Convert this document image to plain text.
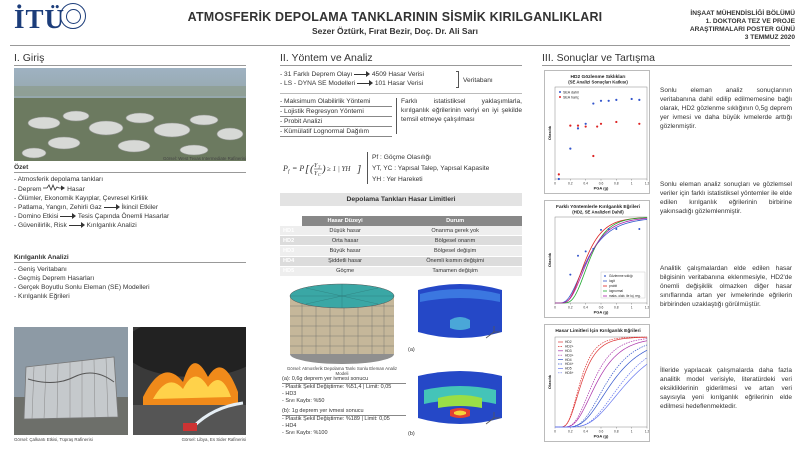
İTÜ	ATMOSFERİK DEPOLAMA TANKLARININ SİSMİK KIRILGANLIKLARI
Sezer Öztürk, Fırat Bezir, Doç. Dr. Ali Sarı
İNŞAAT MÜHENDİSLİĞİ BÖLÜMÜ
1. DOKTORA TEZ VE PROJE
ARAŞTIRMALARI POSTER GÜNÜ
3 TEMMUZ 2020
I. Giriş
Görsel: West Texas Intermediate Rafinerisi
Özet
- Atmosferik depolama tankları
- Deprem	Hasar
- Ölümler, Ekonomik Kayıplar, Çevresel Kirlilik
- Patlama, Yangın, Zehirli Gaz	İkincil Etkiler
- Domino Etkisi	Tesis Çapında Önemli Hasarlar
- Güvenilirlik, Risk	Kırılganlık Analizi
Kırılganlık Analizi
- Geniş Veritabanı
- Geçmiş Deprem Hasarları
- Gerçek Boyutlu Sonlu Eleman (SE) Modelleri
- Kırılganlık Eğrileri
Görsel: Çalkantı Etkisi, Tüpraş Rafinerisi	Görsel: Libya, Es Sider Rafinerisi
II. Yöntem ve Analiz
- 31 Farklı Deprem Olayı	4509 Hasar Verisi
- LS - DYNA SE Modelleri	101 Hasar Verisi	Veritabanı
- Maksimum Olabilirlik Yöntemi
- Lojistik Regresyon Yöntemi
- Probit Analizi
- Kümülatif Lognormal Dağılım
Farklı istatistiksel yaklaşımlarla, kırılganlık eğrilerinin veriyi en iyi şekilde temsil etmeye çalışılması
P f = P [ ( Y T
Y C ) ≥ 1 | YH ]
Pf : Göçme Olasılığı
YT, YC : Yapısal Talep, Yapısal Kapasite
YH : Yer Hareketi
Depolama Tankları Hasar Limitleri
	Hasar Düzeyi	Durum
HD1	Düşük hasar	Onarıma gerek yok
HD2	Orta hasar	Bölgesel onarım
HD3	Büyük hasar	Bölgesel değişim
HD4	Şiddetli hasar	Önemli kısmın değişimi
HD5	Göçme	Tamamen değişim
Görsel: Atmosferik Depolama Tankı Sonlu Eleman Analiz Modeli
(a)
(b)
(a): 0,6g deprem yer ivmesi sonucu
- Plastik Şekil Değiştirme: %51,4 | Limit: 0,05
- HD3
- Sıvı Kaybı: %50
(b): 1g deprem yer ivmesi sonucu
- Plastik Şekil Değiştirme: %189 | Limit: 0,05
- HD4
- Sıvı Kaybı: %100
III. Sonuçlar ve Tartışma
HD2 Gözlenme Sıklıkları
(SE Analizi Sonuçları Katkısı)
0	0.2	0.4	0.6	0.8	1	1.2
PGA (g)
Olasılık
SEA dahil
SEA hariç
Farklı Yöntemlerle Kırılganlık Eğrileri
(HD2, SE Analizleri Dahil)
0	0.2	0.4	0.6	0.8	1	1.2
PGA (g)
Olasılık
Gözlenme sıklığı
logit
probit
lognormal
maks. olab. ile loj. reg.
Hasar Limitleri İçin Kırılganlık Eğrileri
0	0.2	0.4	0.6	0.8	1	1.2
PGA (g)
Olasılık
HD2
HD2+
HD3
HD3+
HD4
HD4+
HD5
HD5+
Sonlu eleman analiz sonuçlarının veritabanına dahil edilip edilmemesine bağlı olarak, HD2 gözlenme sıklığının 0,5g deprem yer ivmesi ve daha büyük ivmelerde arttığı gözlenmiştir.
Sonlu eleman analiz sonuçları ve gözlemsel veriler için farklı istatistiksel yöntemler ile elde edilen kırılganlık eğrilerinin birbirine yakınsadığı gözlemlenmiştir.
Analitik çalışmalardan elde edilen hasar bilgisinin veritabanına eklenmesiyle, HD2'de önemli değişiklik olmazken diğer hasar sınıflarında artan yer ivmelerinde eğrilerin birbirinden uzaklaştığı görülmüştür.
İlleride yapılacak çalışmalarda daha fazla analitik model verisiyle, literatürdeki veri eksikliklerinin giderilmesi ve artan veri sayısıyla yeni kırılganlık eğrilerinin elde edilmesi hedeflenmektedir.
